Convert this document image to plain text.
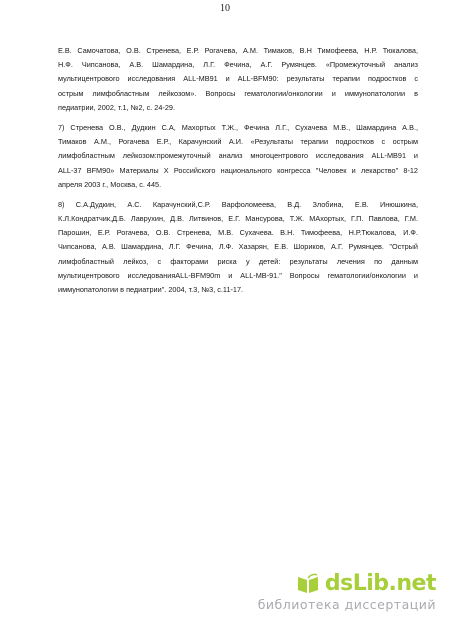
10
Е.В. Самочатова, О.В. Стренева, Е.Р. Рогачева, А.М. Тимаков, В.Н Тимофеева, Н.Р. Тюкалова,
Н.Ф. Чипсанова, А.В. Шамардина, Л.Г. Фечина, А.Г. Румянцев. «Промежуточный анализ
мультицентрового исследования ALL-MB91 и ALL-BFM90: результаты терапии подростков с
острым лимфобластным лейкозом». Вопросы гематологии/онкологии и иммунопатологии в
педиатрии, 2002, т.1, №2, с. 24-29.
7) Стренева О.В., Дудкин С.А, Махортых Т.Ж., Фечина Л.Г., Сухачева М.В., Шамардина А.В.,
Тимаков А.М., Рогачева Е.Р., Карачунский А.И. «Результаты терапии подростков с острым
лимфобластным лейкозом:промежуточный анализ многоцентрового исследования ALL-MB91 и
ALL-37 BFM90» Материалы X Российского национального конгресса "Человек и лекарство" 8-12
апреля 2003 г., Москва, с. 445.
8) С.А.Дудкин, А.С. Карачунский,С.Р. Варфоломеева, В.Д. Злобина, Е.В. Инюшкина,
К.Л.Кондратчик,Д.Б. Лаврухин, Д.В. Литвинов, Е.Г. Мансурова, Т.Ж. МАхортых, Г.П. Павлова, Г.М.
Парошин, Е.Р. Рогачева, О.В. Стренева, М.В. Сухачева. В.Н. Тимофеева, Н.Р.Тюкалова, И.Ф.
Чипсанова, А.В. Шамардина, Л.Г. Фечина, Л.Ф. Хазарян, Е.В. Шориков, А.Г. Румянцев. "Острый
лимфобластный лейкоз, с факторами риска у детей: результаты лечения по данным
мультицентрового исследованияALL-BFM90m и ALL-MB-91." Вопросы гематологии/онкологии и
иммунопатологии в педиатрии". 2004, т.3, №3, с.11-17.
dsLib.net
библиотека диссертаций
